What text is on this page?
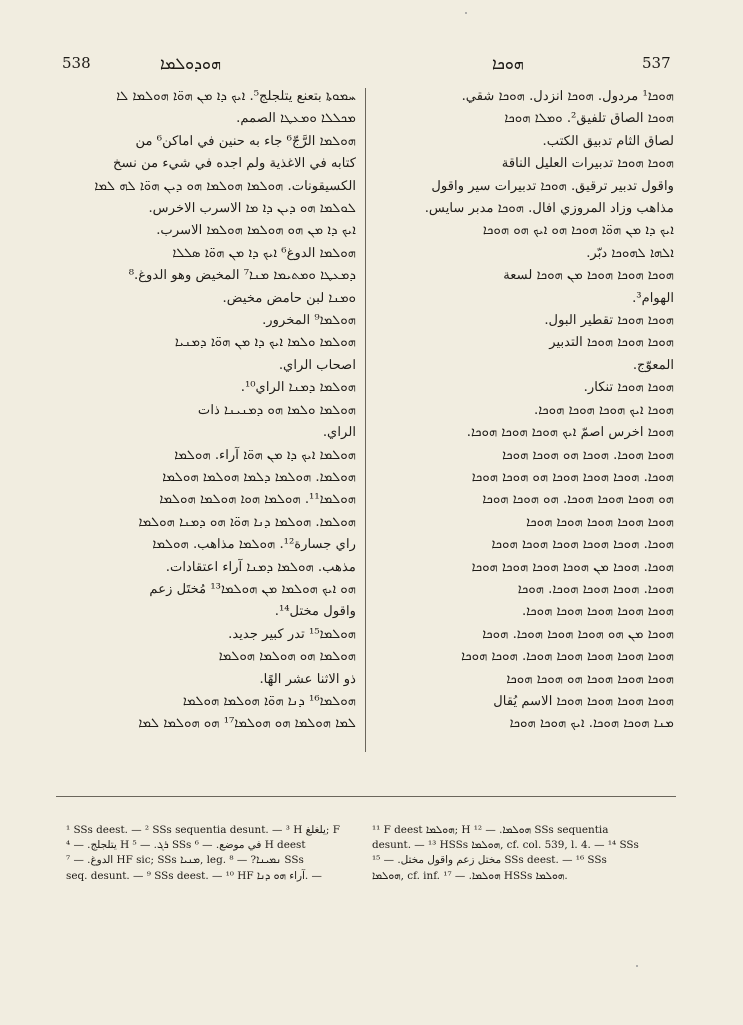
538	ܗܘܕܘܠܡܐ	ܗܘܟܐ	537
ܚܡܘܬܐ بتعنع يتلجلج⁵. ܐܝܟ ܕܐ ܡܢ ܗܘ̈ܐ ܗܘܠܡܐ ܠܐ
ܡܟܠܠܐ ܘܡܥܛܐ الصمم.
ܗܘܠܡܐ الرَّجّ⁶ جاء به حنين في اماكن⁶ من
كتابه في الاغذية ولم اجده في شيء من نسخ
الكسيقونات. ܗܘܠܡܐ ܗܘܠܡܐ ܗܘ ܕܝܢ ܗܘ̈ܐ ܠܗ ܠܡܐ
ܠܘܠܡܐ ܗܘ ܕܝܢ ܕܐ ܡܐ الاسرب الاخرس.
ܐܝܟ ܕܐ ܡܢ ܗܘ ܗܘܠܡܐ ܗܘܠܡܐ الاسرب.
ܗܘܠܡܐ الدوغ⁶ ܐܝܟ ܕܐ ܡܢ ܗܘ̈ܐ ܣܠܠܐ
ܕܡܥܛܐ ܘܡܬܝܡܐ ܡܢܐ⁷ المخيض وهو الدوغ.⁸
ܘܡܢܐ لبن حامض مخيض.
ܗܘܠܡܐ⁹ المخرور.
ܗܘܠܡܐ ܘܠܡܐ ܐܝܟ ܕܐ ܡܢ ܗܘ̈ܐ ܕܡܢܝܐ
اصحاب الراي.
ܗܘܠܡܐ ܕܡܢܐ الراي¹⁰.
ܗܘܠܡܐ ܘܠܡܐ ܗܘ ܕܡܢܝܢܐ ذات
الراي.
ܗܘܠܡܐ ܐܝܟ ܕܐ ܡܢ ܗܘ̈ܐ آراء. ܗܘܠܡܐ
ܗܘܠܡܐ. ܗܘܠܡܐ ܕܠܡܐ ܗܘܠܡܐ ܗܘܠܡܐ
ܗܘܠܡܐ¹¹. ܗܘܠܡܐ ܗܘܐ ܗܘܠܡܐ ܗܘܠܡܐ
ܗܘܠܡܐ. ܗܘܠܡܐ ܕܢܐ ܗܘ̈ܐ ܗܘ ܕܡܢܐ ܗܘܠܡܐ
راي جسارة¹². ܗܘܠܡܐ مذاهب. ܗܘܠܡܐ
مذهب. ܗܘܠܡܐ ܕܡܢܐ آراء اعتقادات.
ܗܘ ܐܝܟ ܗܘܠܡܐ ܡܢ ܗܘܠܡܐ¹³ مُختَل زعم
واقول مختل¹⁴.
ܗܘܠܡܐ¹⁵ تدر كبير جديد.
ܗܘܠܡܐ ܗܘ ܗܘܠܡܐ ܗܘܠܡܐ
ذو الاثنا عشر الهًا.
ܗܘܠܡܐ¹⁶ ܕܢܐ ܗܘ̈ܐ ܗܘܠܡܐ ܗܘܠܡܐ
ܠܡܐ ܗܘܠܡܐ ܗܘ ܗܘܠܡܐ¹⁷ ܗܘ ܗܘܠܡܐ ܠܡܐ
ܗܘܟܐ¹ مردول. ܗܘܟܐ انزدل. ܗܘܟܐ شقي.
ܗܘܟܐ الصاق تلفيق². ܘܡܠܐ ܗܘܟܐ
لصاق الثام تدبيق الكتب.
ܗܘܟܐ ܗܘܟܐ تدبيرات العليل الناقة
واقول تدبير ترقيق. ܗܘܟܐ تدبيرات سير واقول
مذاهب وزاد المروزي افال. ܗܘܟܐ مدبر سايس.
ܐܝܟ ܕܐ ܡܢ ܗܘ̈ܐ ܗܘܟܐ ܗܘ ܐܝܟ ܗܘ ܗܘܟܐ
ܐܠܗܐ ܠܗܘܟܐ دبّر.
ܗܘܟܐ ܗܘܟܐ ܗܘܟܐ ܡܢ ܗܘܟܐ لسعة
الهوام³.
ܗܘܟܐ ܗܘܟܐ تقطير البول.
ܗܘܟܐ ܗܘܟܐ ܗܘܟܐ التدبير
المعوّج.
ܗܘܟܐ ܗܘܟܐ تنكار.
ܗܘܟܐ ܐܝܟ ܗܘܟܐ ܗܘܟܐ ܗܘܟܐ.
ܗܘܟܐ اخرس اصمّ ܐܝܟ ܗܘܟܐ ܗܘܟܐ ܗܘܟܐ.
ܗܘܟܐ ܗܘܟܐ. ܗܘܟܐ ܗܘ ܗܘܟܐ ܗܘܟܐ
ܗܘܟܐ. ܗܘܟܐ ܗܘܟܐ ܗܘܟܐ ܗܘ ܗܘܟܐ ܗܘܟܐ
ܗܘ ܗܘܟܐ ܗܘܟܐ ܗܘܟܐ. ܗܘ ܗܘܟܐ ܗܘܟܐ
ܗܘܟܐ ܗܘܟܐ ܗܘܟܐ ܗܘܟܐ ܗܘܟܐ
ܗܘܟܐ. ܗܘܟܐ ܗܘܟܐ ܗܘܟܐ ܗܘܟܐ ܗܘܟܐ
ܗܘܟܐ. ܗܘܟܐ ܡܢ ܗܘܟܐ ܗܘܟܐ ܗܘܟܐ ܗܘܟܐ
ܗܘܟܐ. ܗܘܟܐ ܗܘܟܐ ܗܘܟܐ. ܗܘܟܐ
ܗܘܟܐ ܗܘܟܐ ܗܘܟܐ ܗܘܟܐ ܗܘܟܐ.
ܗܘܟܐ ܡܢ ܗܘ ܗܘܟܐ ܗܘܟܐ ܗܘܟܐ. ܗܘܟܐ
ܗܘܟܐ ܗܘܟܐ ܗܘܟܐ ܗܘܟܐ ܗܘܟܐ. ܗܘܟܐ ܗܘܟܐ
ܗܘܟܐ ܗܘܟܐ ܗܘܟܐ ܗܘ ܗܘܟܐ ܗܘܟܐ
ܗܘܟܐ ܗܘܟܐ ܗܘܟܐ ܗܘܟܐ الاسم يُقال
ܡܢܐ ܗܘܟܐ ܗܘܟܐ. ܐܝܟ ܗܘܟܐ ܗܘܟܐ
¹ SSs deest. — ² SSs sequentia desunt. — ³ H يلغلغ; F
يتلجلج. — ⁴ H ܪܓ. — ⁵ SSs في موضع. — ⁶ H deest
الدوغ. — ⁷ HF sic; SSs ܡܢܝܐ, leg. ܢܡܝܢܐ? — ⁸ SSs
seq. desunt. — ⁹ SSs deest. — ¹⁰ HF آراء ܗܘ ܕܢܐ. —
¹¹ F deest ܗܘܠܡܐ; H ܗܘܠܡܐ. — ¹² SSs sequentia
desunt. — ¹³ HSSs ܗܘܠܡܐ, cf. col. 539, l. 4. — ¹⁴ SSs
مختل زعم واقول مختل. — ¹⁵ SSs deest. — ¹⁶ SSs
ܗܘܠܡܐ, cf. inf. ܗܘܠܡܐ. — ¹⁷ HSSs ܗܘܠܡܐ.
